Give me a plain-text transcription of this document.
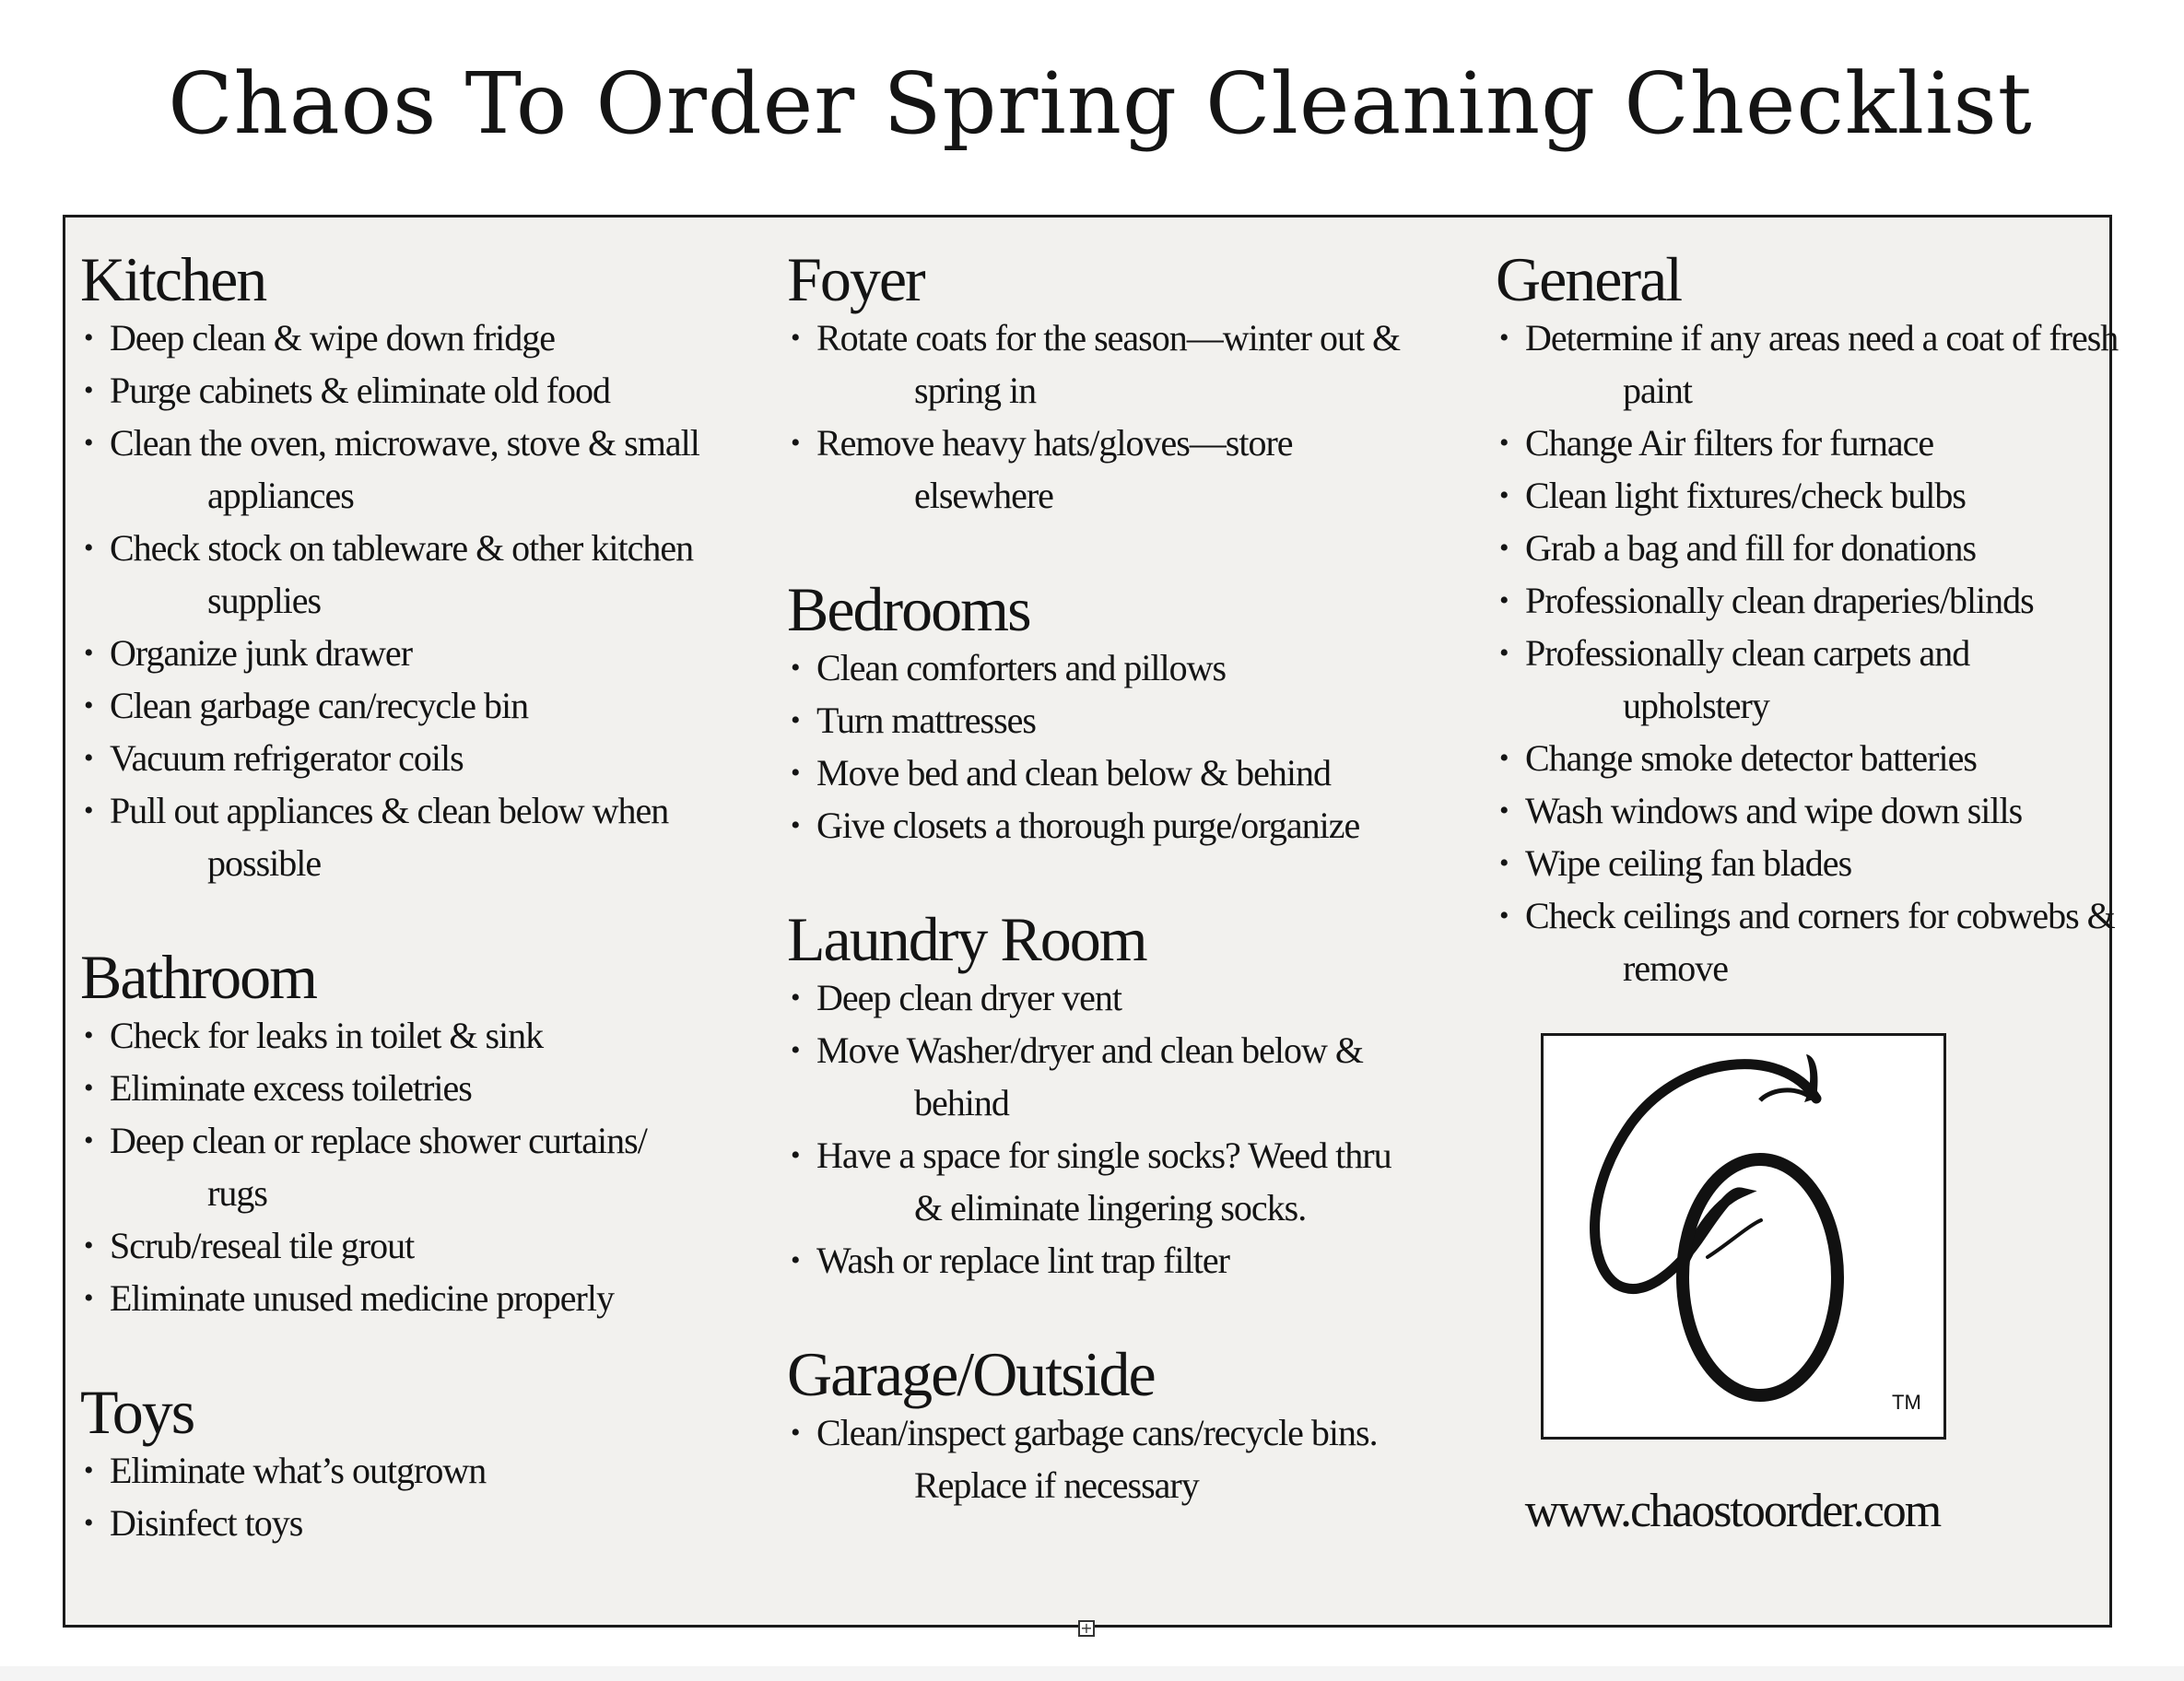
Chaos To Order Spring Cleaning Checklist
Kitchen
• Deep clean & wipe down fridge
• Purge cabinets & eliminate old food
• Clean the oven, microwave, stove & small
appliances
• Check stock on tableware & other kitchen
supplies
• Organize junk drawer
• Clean garbage can/recycle bin
• Vacuum refrigerator coils
• Pull out appliances & clean below when
possible
Bathroom
• Check for leaks in toilet & sink
• Eliminate excess toiletries
• Deep clean or replace shower curtains/
rugs
• Scrub/reseal tile grout
• Eliminate unused medicine properly
Toys
• Eliminate what’s outgrown
• Disinfect toys
Foyer
• Rotate coats for the season—winter out &
spring in
• Remove heavy hats/gloves—store
elsewhere
Bedrooms
• Clean comforters and pillows
• Turn mattresses
• Move bed and clean below & behind
• Give closets a thorough purge/organize
Laundry Room
• Deep clean dryer vent
• Move Washer/dryer and clean below &
behind
• Have a space for single socks? Weed thru
& eliminate lingering socks.
• Wash or replace lint trap filter
Garage/Outside
• Clean/inspect garbage cans/recycle bins.
Replace if necessary
General
• Determine if any areas need a coat of fresh
paint
• Change Air filters for furnace
• Clean light fixtures/check bulbs
• Grab a bag and fill for donations
• Professionally clean draperies/blinds
• Professionally clean carpets and
upholstery
• Change smoke detector batteries
• Wash windows and wipe down sills
• Wipe ceiling fan blades
• Check ceilings and corners for cobwebs &
remove
TM
www.chaostoorder.com
+
